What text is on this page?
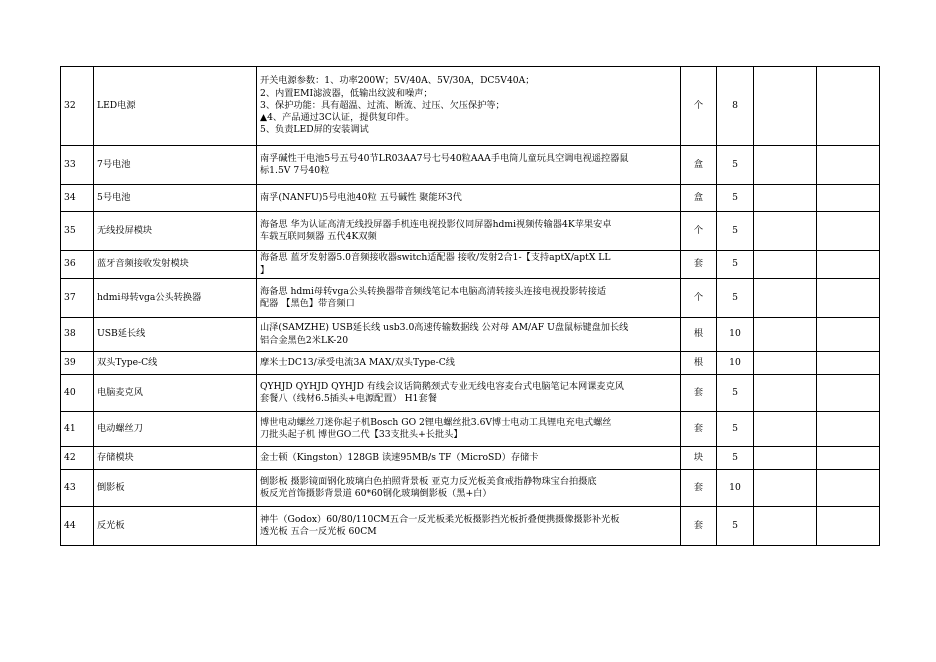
32	LED电源	开关电源参数：1、功率200W；5V/40A、5V/30A，DC5V40A；
2、内置EMI滤波器，低输出纹波和噪声；
3、保护功能：具有超温、过流、断流、过压、欠压保护等；
▲4、产品通过3C认证，提供复印件。
5、负责LED屏的安装调试	个	8		
33	7号电池	南孚碱性干电池5号五号40节LR03AA7号七号40粒AAA手电筒儿童玩具空调电视遥控器鼠
标1.5V 7号40粒	盒	5		
34	5号电池	南孚(NANFU)5号电池40粒 五号碱性 聚能环3代	盒	5		
35	无线投屏模块	海备思 华为认证高清无线投屏器手机连电视投影仪同屏器hdmi视频传输器4K苹果安卓
车载互联同频器 五代4K双频	个	5		
36	蓝牙音频接收发射模块	海备思 蓝牙发射器5.0音频接收器switch适配器 接收/发射2合1-【支持aptX/aptX LL
】	套	5		
37	hdmi母转vga公头转换器	海备思 hdmi母转vga公头转换器带音频线笔记本电脑高清转接头连接电视投影转接适
配器 【黑色】带音频口	个	5		
38	USB延长线	山泽(SAMZHE) USB延长线 usb3.0高速传输数据线 公对母 AM/AF U盘鼠标键盘加长线
铝合金黑色2米LK-20	根	10		
39	双头Type-C线	摩米士DC13/承受电流3A MAX/双头Type-C线	根	10		
40	电脑麦克风	QYHJD QYHJD QYHJD 有线会议话筒鹅颈式专业无线电容麦台式电脑笔记本网课麦克风
套餐八（线材6.5插头+电源配置） H1套餐	套	5		
41	电动螺丝刀	博世电动螺丝刀迷你起子机Bosch GO 2锂电螺丝批3.6V博士电动工具锂电充电式螺丝
刀批头起子机 博世GO二代【33支批头+长批头】	套	5		
42	存储模块	金士顿（Kingston）128GB 读速95MB/s TF（MicroSD）存储卡	块	5		
43	倒影板	倒影板 摄影镜面钢化玻璃白色拍照背景板 亚克力反光板美食戒指静物珠宝台拍摄底
板反光首饰摄影背景道 60*60钢化玻璃倒影板（黑+白）	套	10		
44	反光板	神牛（Godox）60/80/110CM五合一反光板柔光板摄影挡光板折叠便携摄像摄影补光板
透光板 五合一反光板 60CM	套	5		
